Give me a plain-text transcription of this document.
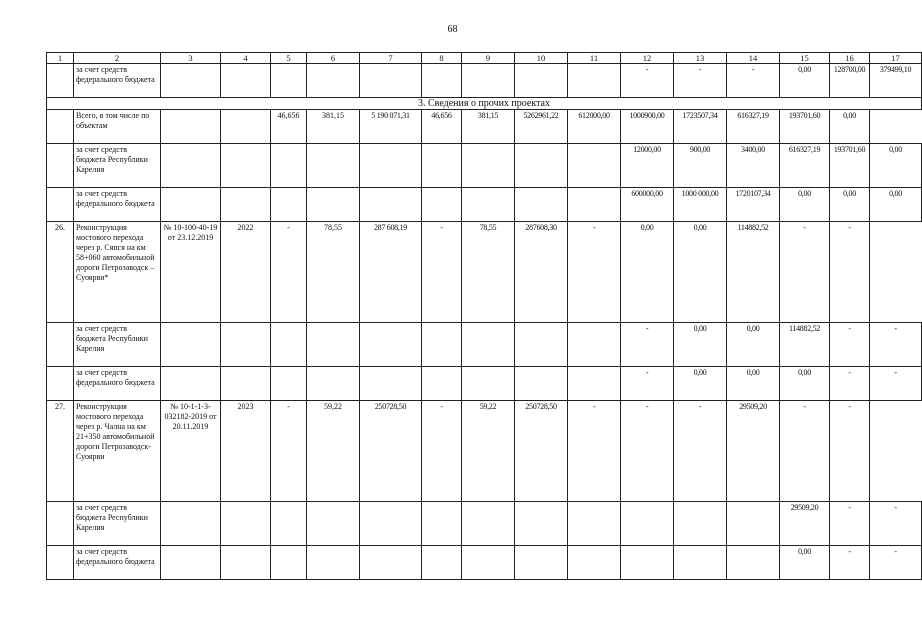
68
1	2	3	4	5	6	7	8	9	10	11	12	13	14	15	16	17
	за счет средств федерального бюджета										-	-	-	0,00	128700,00	379499,10
3. Сведения о прочих проектах																
	Всего, в том числе по объектам			46,656	381,15	5 190 071,31	46,656	381,15	5262961,22	612000,00	1000900,00	1723507,34	616327,19	193701,60	0,00	
	за счет средств бюджета Республики Карелия										12000,00	900,00	3400,00	616327,19	193701,60	0,00
	за счет средств федерального бюджета										600000,00	1000 000,00	1720107,34	0,00	0,00	0,00
26.	Реконструкция мостового перехода через р. Сяпся на км 58+060 автомобильной дороги Петрозаводск – Суоярви*	№ 10-100-40-19 от 23.12.2019	2022	-	78,55	287 608,19	-	78,55	287608,30	-	0,00	0,00	114882,52	-	-	
	за счет средств бюджета Республики Карелия										-	0,00	0,00	114882,52	-	-
	за счет средств федерального бюджета										-	0,00	0,00	0,00	-	-
27.	Реконструкция мостового перехода через р. Чална на км 21+350 автомобильной дороги Петрозаводск-Суоярви	№ 10-1-1-3-032182-2019 от 20.11.2019	2023	-	59,22	250728,50	-	59,22	250728,50	-	-	-	29509,20	-	-	
	за счет средств бюджета Республики Карелия													29509,20	-	-
	за счет средств федерального бюджета													0,00	-	-
